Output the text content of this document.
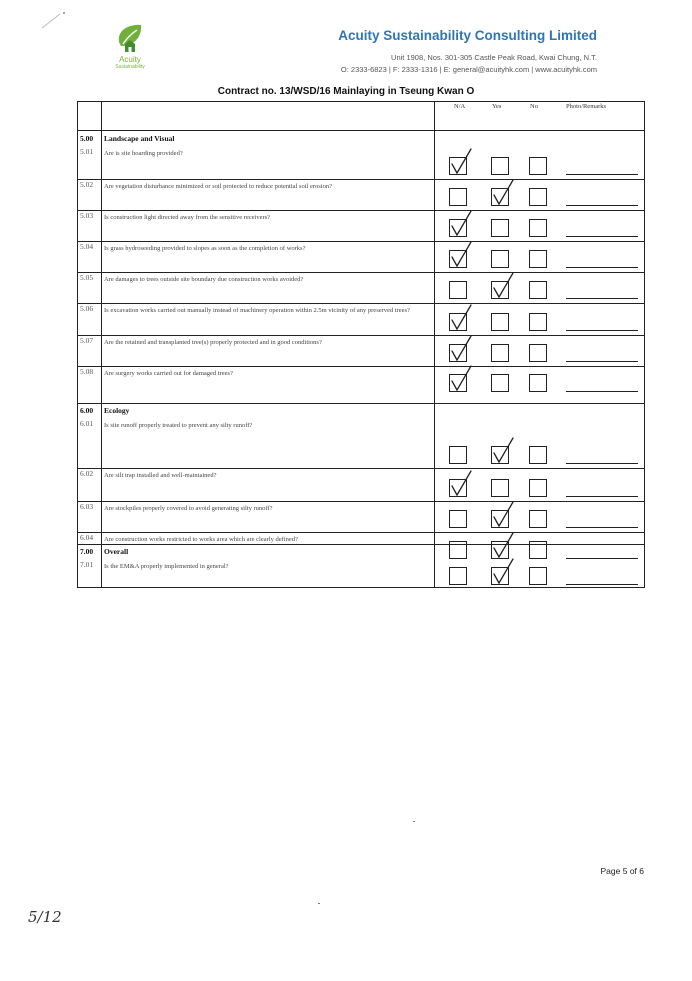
Acuity
Sustainability
Acuity Sustainability Consulting Limited
Unit 1908, Nos. 301-305 Castle Peak Road, Kwai Chung, N.T.
O: 2333-6823 | F: 2333-1316 | E: general@acuityhk.com | www.acuityhk.com
Contract no. 13/WSD/16 Mainlaying in Tseung Kwan O
N/A	Yes	No	Photo/Remarks
5.00 Landscape and Visual
5.01 Are is site hoarding provided?
5.02 Are vegetation disturbance minimized or soil protected to reduce potential soil erosion?
5.03 Is construction light directed away from the sensitive receivers?
5.04 Is grass hydroseeding provided to slopes as soon as the completion of works?
5.05 Are damages to trees outside site boundary due construction works avoided?
5.06 Is excavation works carried out manually instead of machinery operation within 2.5m vicinity of any preserved trees?
5.07 Are the retained and transplanted tree(s) properly protected and in good conditions?
5.08 Are surgery works carried out for damaged trees?
6.00 Ecology
6.01 Is site runoff properly treated to prevent any silty runoff?
6.02 Are silt trap installed and well-maintained?
6.03 Are stockpiles properly covered to avoid generating silty runoff?
6.04 Are construction works restricted to works area which are clearly defined?
7.00 Overall
7.01 Is the EM&A properly implemented in general?
Page 5 of 6
5/12
